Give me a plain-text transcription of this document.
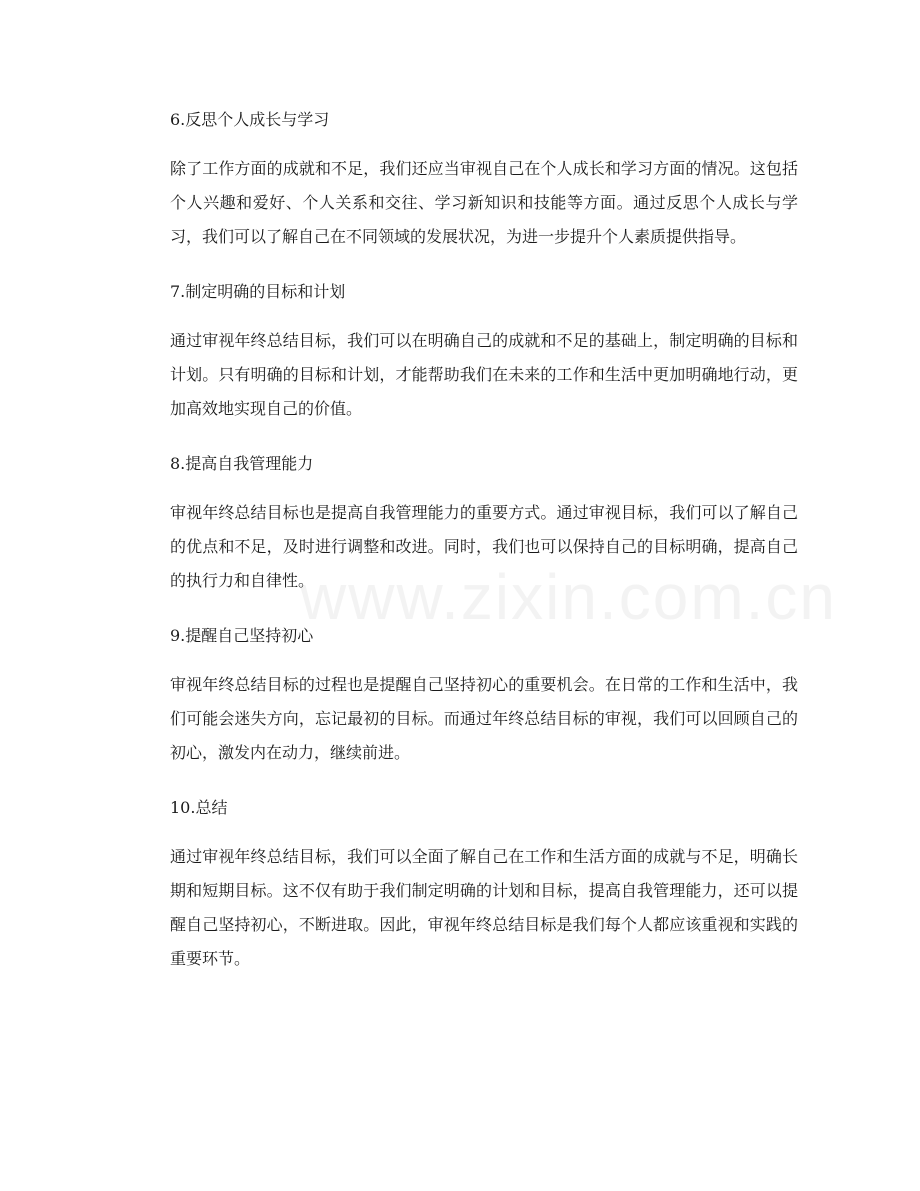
www.zixin.com.cn

6.反思个人成长与学习

除了工作方面的成就和不足，我们还应当审视自己在个人成长和学习方面的情况。这包括个人兴趣和爱好、个人关系和交往、学习新知识和技能等方面。通过反思个人成长与学习，我们可以了解自己在不同领域的发展状况，为进一步提升个人素质提供指导。

7.制定明确的目标和计划

通过审视年终总结目标，我们可以在明确自己的成就和不足的基础上，制定明确的目标和计划。只有明确的目标和计划，才能帮助我们在未来的工作和生活中更加明确地行动，更加高效地实现自己的价值。

8.提高自我管理能力

审视年终总结目标也是提高自我管理能力的重要方式。通过审视目标，我们可以了解自己的优点和不足，及时进行调整和改进。同时，我们也可以保持自己的目标明确，提高自己的执行力和自律性。

9.提醒自己坚持初心

审视年终总结目标的过程也是提醒自己坚持初心的重要机会。在日常的工作和生活中，我们可能会迷失方向，忘记最初的目标。而通过年终总结目标的审视，我们可以回顾自己的初心，激发内在动力，继续前进。

10.总结

通过审视年终总结目标，我们可以全面了解自己在工作和生活方面的成就与不足，明确长期和短期目标。这不仅有助于我们制定明确的计划和目标，提高自我管理能力，还可以提醒自己坚持初心，不断进取。因此，审视年终总结目标是我们每个人都应该重视和实践的重要环节。
